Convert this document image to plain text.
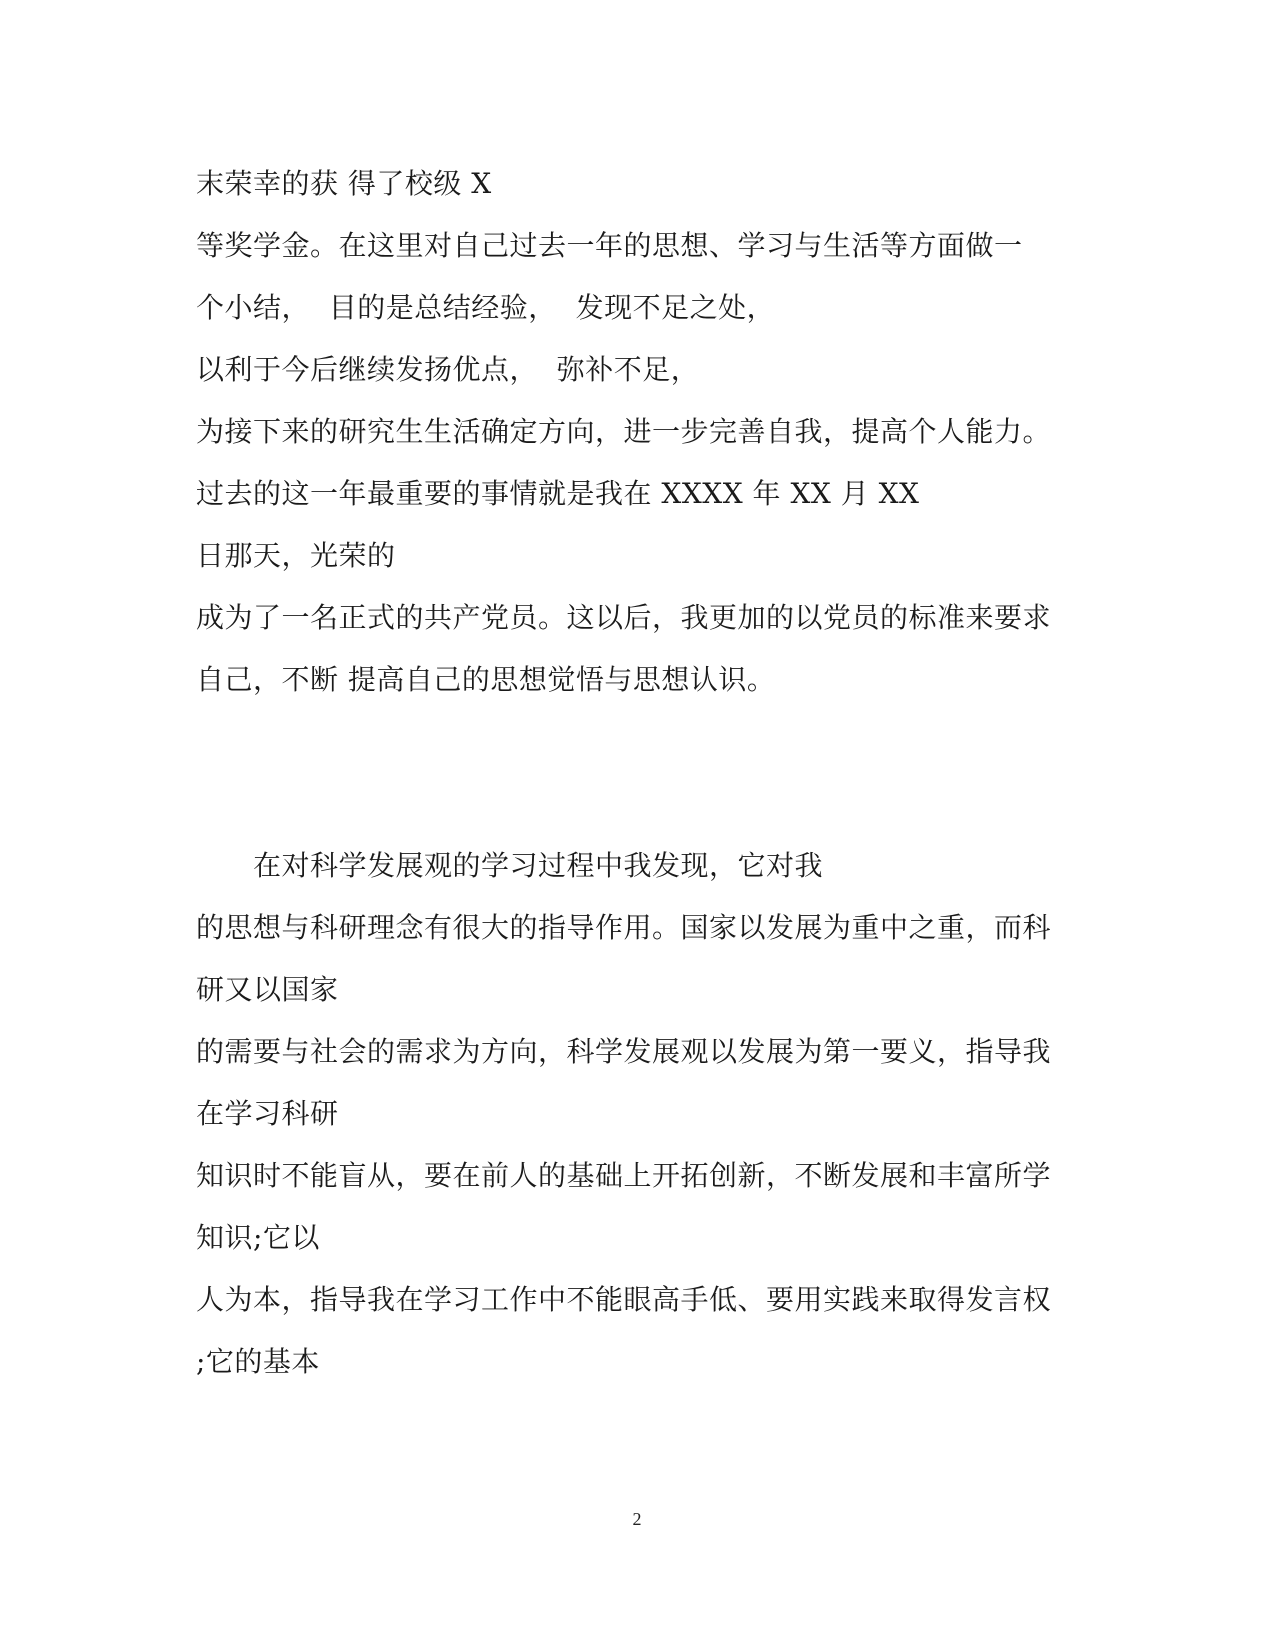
末荣幸的获 得了校级 X
等奖学金。在这里对自己过去一年的思想、学习与生活等方面做一
个小结，  目的是总结经验，  发现不足之处，
以利于今后继续发扬优点，  弥补不足，
为接下来的研究生生活确定方向，进一步完善自我，提高个人能力。
过去的这一年最重要的事情就是我在 XXXX 年 XX 月 XX
日那天，光荣的
成为了一名正式的共产党员。这以后，我更加的以党员的标准来要求
自己，不断 提高自己的思想觉悟与思想认识。
在对科学发展观的学习过程中我发现，它对我
的思想与科研理念有很大的指导作用。国家以发展为重中之重，而科
研又以国家
的需要与社会的需求为方向，科学发展观以发展为第一要义，指导我
在学习科研
知识时不能盲从，要在前人的基础上开拓创新，不断发展和丰富所学
知识;它以
人为本，指导我在学习工作中不能眼高手低、要用实践来取得发言权
;它的基本
2
